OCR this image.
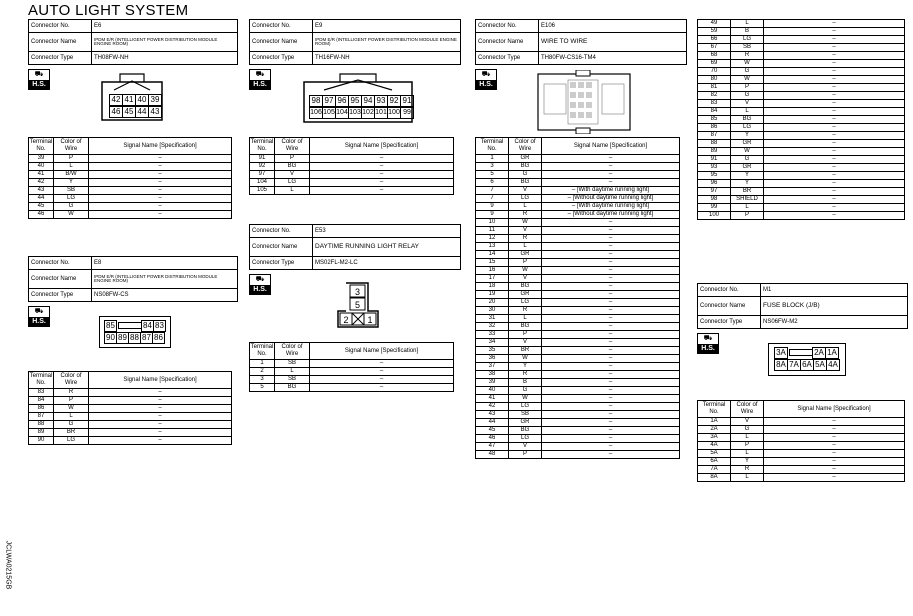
AUTO LIGHT SYSTEM
JCLWA0215GB
Connector No.	E6
Connector Name	IPDM E/R (INTELLIGENT POWER DISTRIBUTION MODULE ENGINE ROOM)
Connector Type	TH08FW-NH
⛟
H.S.
42 41 40 39
46 45 44 43
Terminal No.	Color of Wire	Signal Name [Specification]
39	P	–
40	L	–
41	B/W	–
42	Y	–
43	SB	–
44	LG	–
45	G	–
46	W	–
Connector No.	E8
Connector Name	IPDM E/R (INTELLIGENT POWER DISTRIBUTION MODULE ENGINE ROOM)
Connector Type	NS08FW-CS
⛟
H.S.	85	84 83
90 89 88 87 86
Terminal No.	Color of Wire	Signal Name [Specification]
83	R	–
84	P	–
86	W	–
87	L	–
88	G	–
89	BR	–
90	LG	–
Connector No.	E9
Connector Name	IPDM E/R (INTELLIGENT POWER DISTRIBUTION MODULE ENGINE ROOM)
Connector Type	TH16FW-NH
⛟
H.S.
98 97 96 95 94 93 92 91
106 105 104 103 102 101 100 99
Terminal No.	Color of Wire	Signal Name [Specification]
91	P	–
92	BG	–
97	V	–
104	LG	–
105	L	–
Connector No.	E53
Connector Name	DAYTIME RUNNING LIGHT RELAY
Connector Type	MS02FL-M2-LC
⛟
H.S.	3
5
2 1
Terminal No.	Color of Wire	Signal Name [Specification]
1	SB	–
2	L	–
3	SB	–
5	BG	–
Connector No.	E106
Connector Name	WIRE TO WIRE
Connector Type	TH80FW-CS16-TM4
⛟
H.S.
Terminal No.	Color of Wire	Signal Name [Specification]
1	GR	–
3	BG	–
5	G	–
6	BG	–
7	V	– [With daytime running light]
7	LG	– [Without daytime running light]
9	L	– [With daytime running light]
9	R	– [Without daytime running light]
10	W	–
11	V	–
12	R	–
13	L	–
14	GR	–
15	P	–
16	W	–
17	V	–
18	BG	–
19	GR	–
20	LG	–
30	R	–
31	L	–
32	BG	–
33	P	–
34	V	–
35	BR	–
36	W	–
37	Y	–
38	R	–
39	B	–
40	G	–
41	W	–
42	LG	–
43	SB	–
44	GR	–
45	BG	–
46	LG	–
47	V	–
48	P	–
49	L	–
59	B	–
66	LG	–
67	SB	–
68	R	–
69	W	–
70	G	–
80	W	–
81	P	–
82	G	–
83	V	–
84	L	–
85	BG	–
86	LG	–
87	Y	–
88	GR	–
89	W	–
91	G	–
93	GR	–
95	Y	–
96	Y	–
97	BR	–
98	SHIELD	–
99	L	–
100	P	–
Connector No.	M1
Connector Name	FUSE BLOCK (J/B)
Connector Type	NS06FW-M2
⛟
H.S.	3A	2A 1A
8A 7A 6A 5A 4A
Terminal No.	Color of Wire	Signal Name [Specification]
1A	V	–
2A	G	–
3A	L	–
4A	P	–
5A	L	–
6A	Y	–
7A	R	–
8A	L	–
